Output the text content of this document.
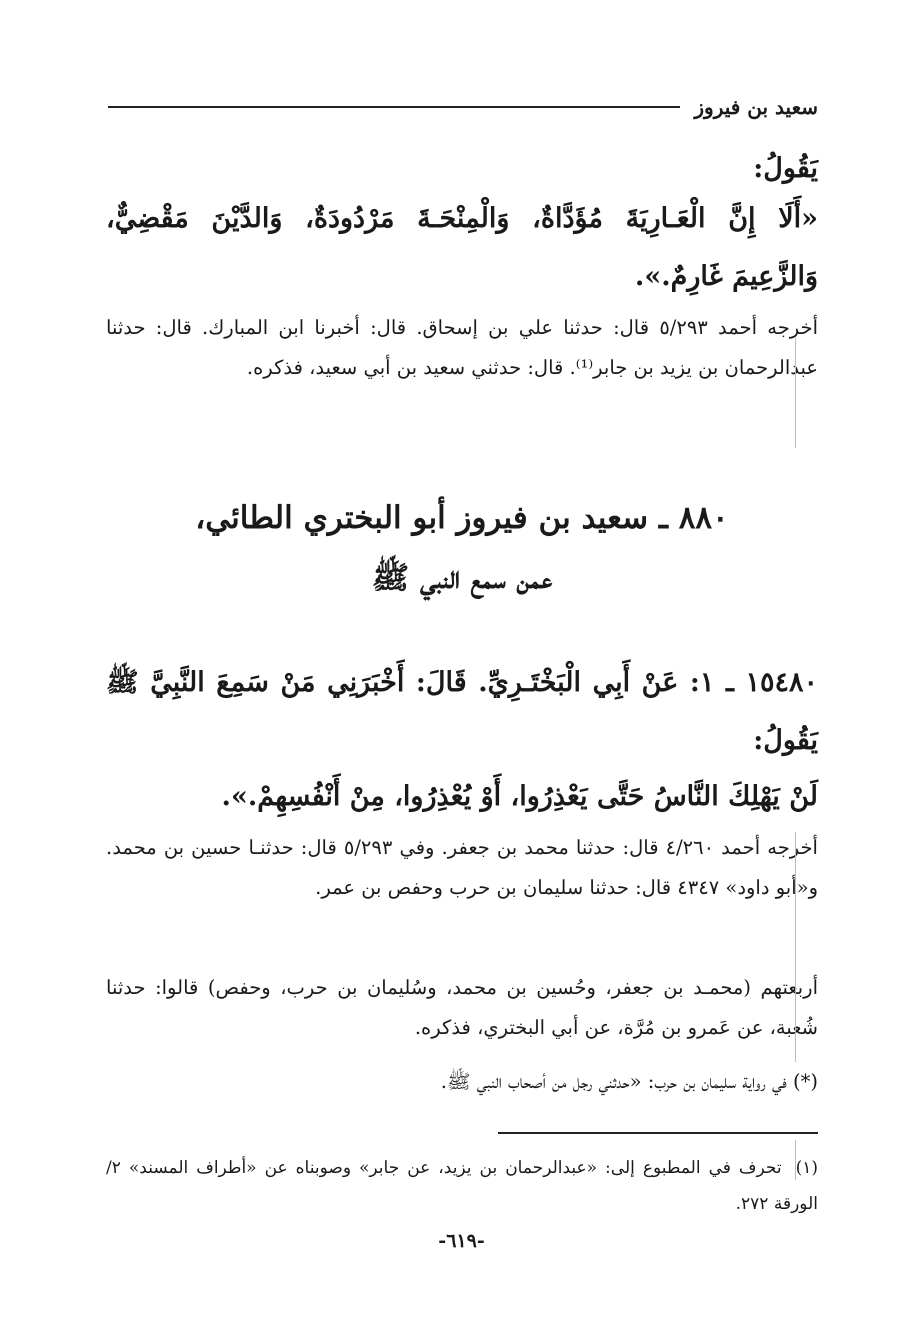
سعيد بن فيروز
يَقُولُ:
«أَلَا إِنَّ الْعَـارِيَةَ مُؤَدَّاةٌ، وَالْمِنْحَـةَ مَرْدُودَةٌ، وَالدَّيْنَ مَقْضِيٌّ، وَالزَّعِيمَ غَارِمٌ.».
أخرجه أحمد ٥/٢٩٣ قال: حدثنا علي بن إسحاق. قال: أخبرنا ابن المبارك. قال: حدثنا عبدالرحمان بن يزيد بن جابر⁽¹⁾. قال: حدثني سعيد بن أبي سعيد، فذكره.
٨٨٠ ـ سعيد بن فيروز أبو البختري الطائي،
عمن سمع النبي ﷺ
١٥٤٨٠ ـ ١: عَنْ أَبِي الْبَخْتَـرِيِّ. قَالَ: أَخْبَرَنِي مَنْ سَمِعَ النَّبِيَّ ﷺ يَقُولُ:
لَنْ يَهْلِكَ النَّاسُ حَتَّى يَعْذِرُوا، أَوْ يُعْذِرُوا، مِنْ أَنْفُسِهِمْ.».
أخرجه أحمد ٤/٢٦٠ قال: حدثنا محمد بن جعفر. وفي ٥/٢٩٣ قال: حدثنـا حسين بن محمد. و«أبو داود» ٤٣٤٧ قال: حدثنا سليمان بن حرب وحفص بن عمر.
أربعتهم (محمـد بن جعفر، وحُسين بن محمد، وسُليمان بن حرب، وحفص) قالوا: حدثنا شُعبة، عن عَمرو بن مُرَّة، عن أبي البختري، فذكره.
(*) في رواية سليمان بن حرب: «حدثني رجل من أصحاب النبي ﷺ.
(١)تحرف في المطبوع إلى: «عبدالرحمان بن يزيد، عن جابر» وصوبناه عن «أطراف المسند» ٢/الورقة ٢٧٢.
-٦١٩-
